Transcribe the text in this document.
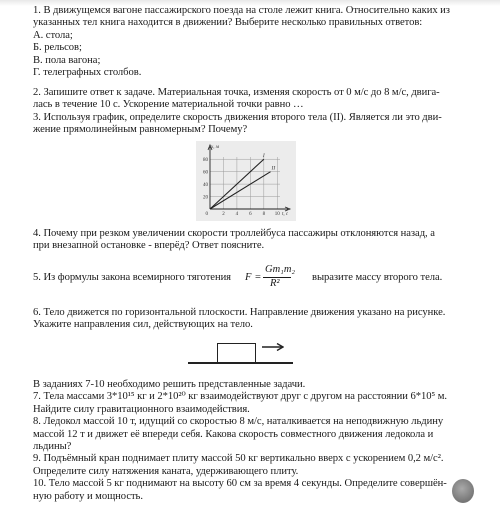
1. В движущемся вагоне пассажирского поезда на столе лежит книга. Относительно каких из
указанных тел книга находится в движении? Выберите несколько правильных ответов:
А. стола;
Б. рельсов;
В. пола вагона;
Г. телеграфных столбов.
2. Запишите ответ к задаче. Материальная точка, изменяя скорость от 0 м/с до 8 м/с, двига-
лась в течение 10 с. Ускорение материальной точки равно …
3. Используя график, определите скорость движения второго тела (II). Является ли это дви-
жение прямолинейным равномерным? Почему?
I
II
80
60
40
20
2 4 6 8 10
0
x, м
t, с
4. Почему при резком увеличении скорости троллейбуса пассажиры отклоняются назад, а
при внезапной остановке - вперёд? Ответ поясните.
5. Из формулы закона всемирного тяготения	F =
Gm₁m₂
R²
выразите массу второго тела.
6. Тело движется по горизонтальной плоскости. Направление движения указано на рисунке.
Укажите направления сил, действующих на тело.
В заданиях 7-10 необходимо решить представленные задачи.
7. Тела массами 3*10¹⁵ кг и 2*10²⁰ кг взаимодействуют друг с другом на расстоянии 6*10⁵ м.
Найдите силу гравитационного взаимодействия.
8. Ледокол массой 10 т, идущий со скоростью 8 м/с, наталкивается на неподвижную льдину
массой 12 т и движет её впереди себя. Какова скорость совместного движения ледокола и
льдины?
9. Подъёмный кран поднимает плиту массой 50 кг вертикально вверх с ускорением 0,2 м/с².
Определите силу натяжения каната, удерживающего плиту.
10. Тело массой 5 кг поднимают на высоту 60 см за время 4 секунды. Определите совершён-
ную работу и мощность.
